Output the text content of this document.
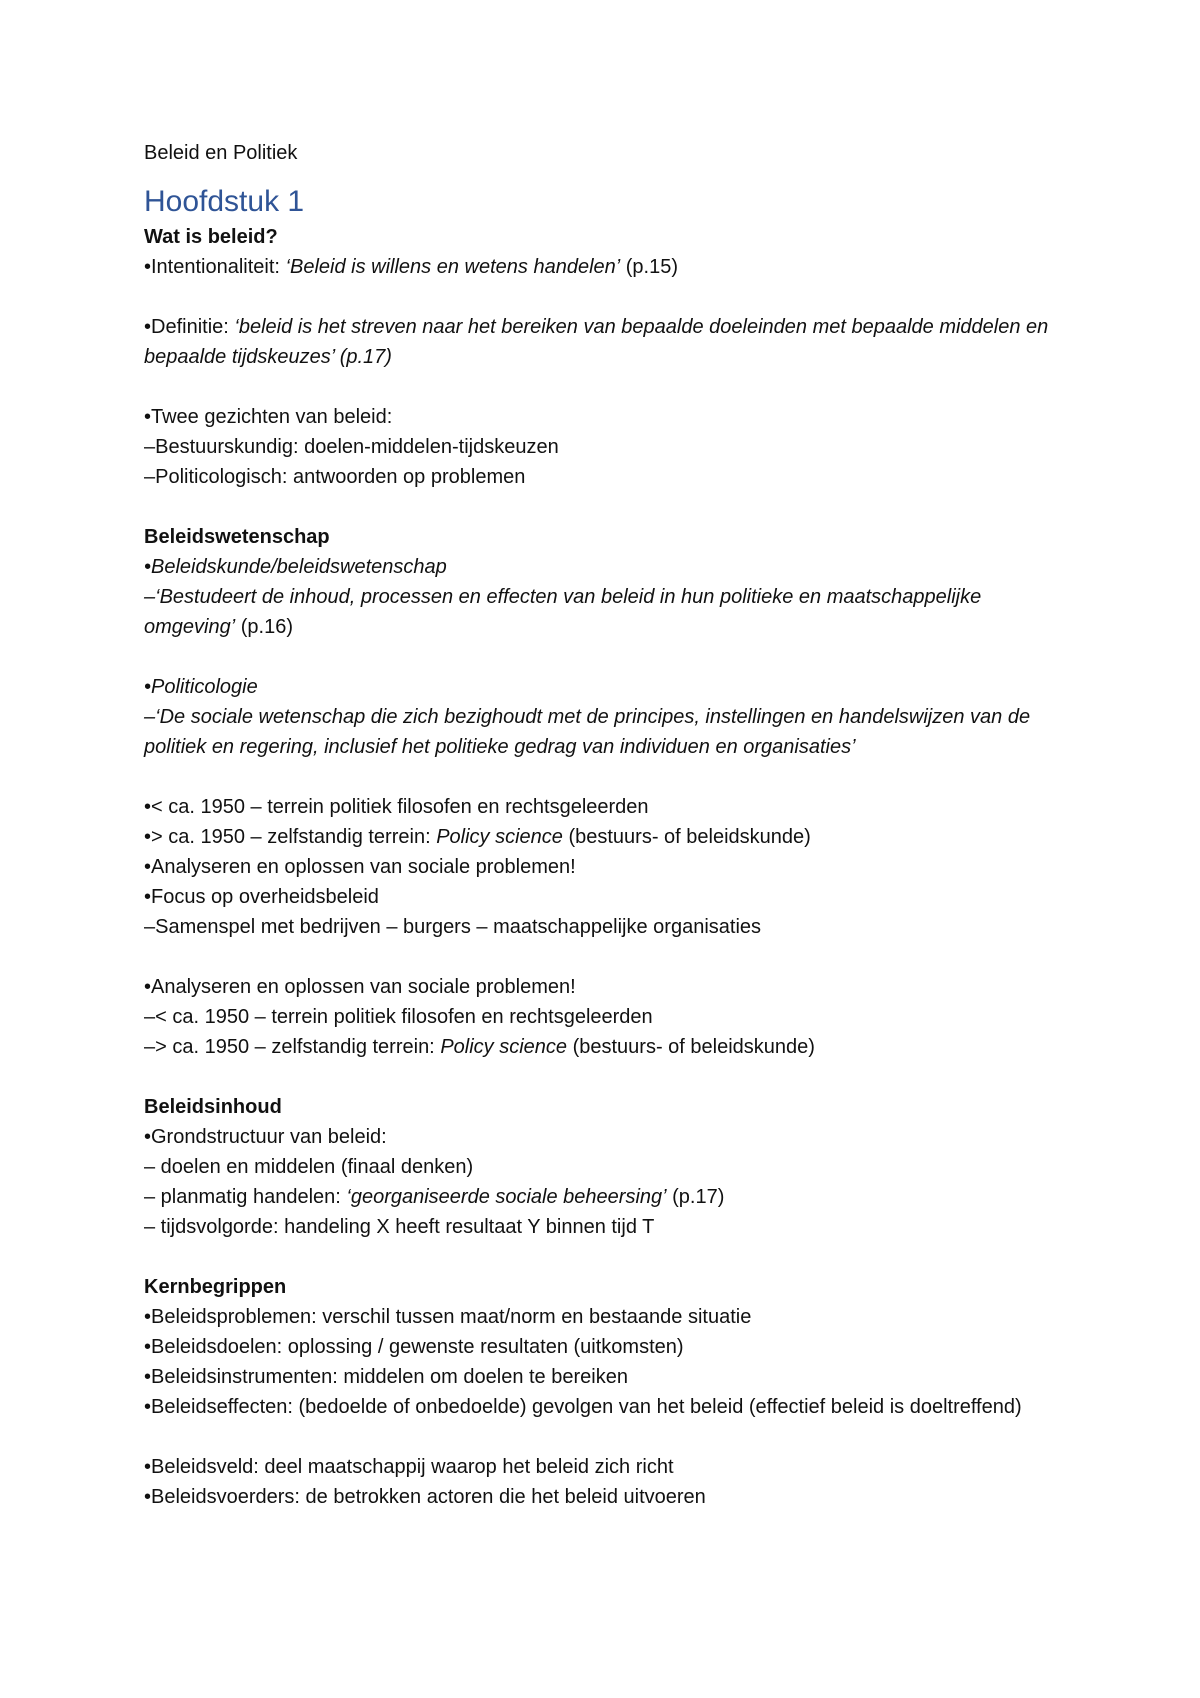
Beleid en Politiek

Hoofdstuk 1
Wat is beleid?

•Intentionaliteit: ‘Beleid is willens en wetens handelen’ (p.15)

•Definitie: ‘beleid is het streven naar het bereiken van bepaalde doeleinden met bepaalde middelen en bepaalde tijdskeuzes’ (p.17)

•Twee gezichten van beleid:

–Bestuurskundig: doelen-middelen-tijdskeuzen

–Politicologisch: antwoorden op problemen

Beleidswetenschap

•Beleidskunde/beleidswetenschap

–‘Bestudeert de inhoud, processen en effecten van beleid in hun politieke en maatschappelijke omgeving’ (p.16)

•Politicologie

–‘De sociale wetenschap die zich bezighoudt met de principes, instellingen en handelswijzen van de politiek en regering, inclusief het politieke gedrag van individuen en organisaties’

•< ca. 1950 – terrein politiek filosofen en rechtsgeleerden

•> ca. 1950 – zelfstandig terrein: Policy science (bestuurs- of beleidskunde)

•Analyseren en oplossen van sociale problemen!

•Focus op overheidsbeleid

–Samenspel met bedrijven – burgers – maatschappelijke organisaties

•Analyseren en oplossen van sociale problemen!

–< ca. 1950 – terrein politiek filosofen en rechtsgeleerden

–> ca. 1950 – zelfstandig terrein: Policy science (bestuurs- of beleidskunde)

Beleidsinhoud

•Grondstructuur van beleid:

– doelen en middelen (finaal denken)

– planmatig handelen: ‘georganiseerde sociale beheersing’ (p.17)

– tijdsvolgorde: handeling X heeft resultaat Y binnen tijd T

Kernbegrippen

•Beleidsproblemen: verschil tussen maat/norm en bestaande situatie

•Beleidsdoelen: oplossing / gewenste resultaten (uitkomsten)

•Beleidsinstrumenten: middelen om doelen te bereiken

•Beleidseffecten: (bedoelde of onbedoelde) gevolgen van het beleid (effectief beleid is doeltreffend)

•Beleidsveld: deel maatschappij waarop het beleid zich richt

•Beleidsvoerders: de betrokken actoren die het beleid uitvoeren
